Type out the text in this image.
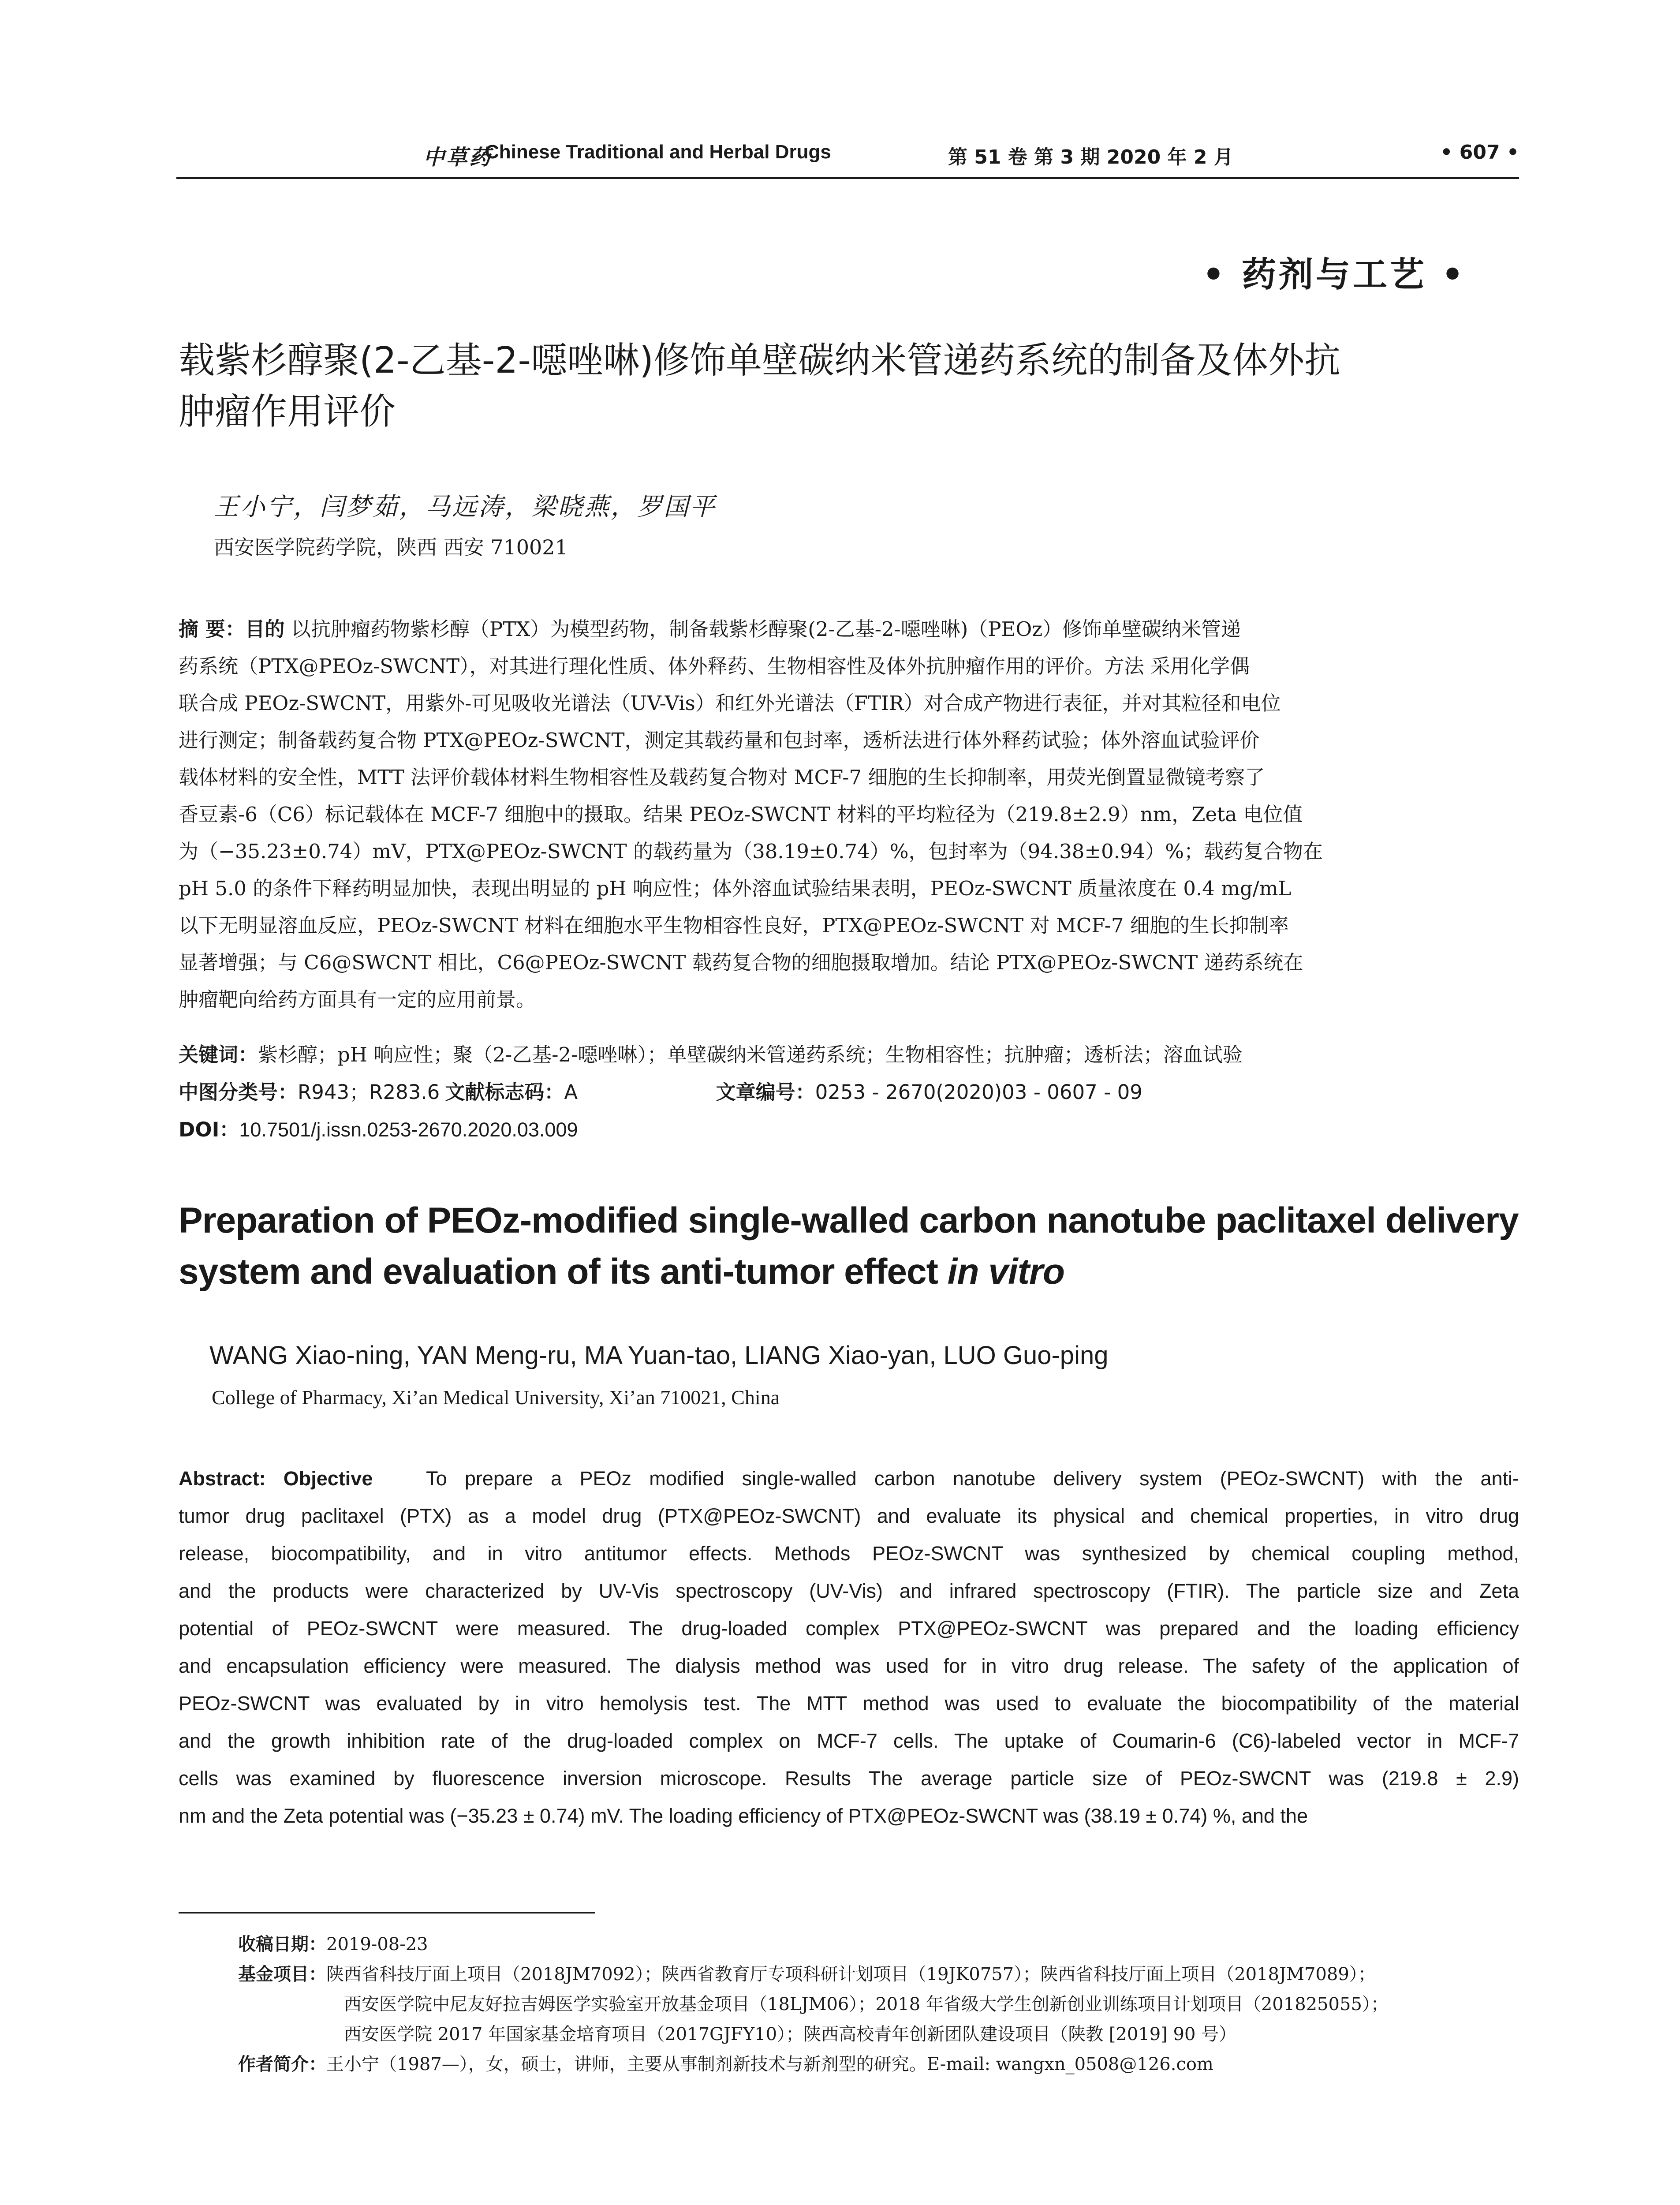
中草药
Chinese Traditional and Herbal Drugs	第 51 卷 第 3 期 2020 年 2 月	• 607 •
• 药剂与工艺 •
载紫杉醇聚(2-乙基-2-噁唑啉)修饰单壁碳纳米管递药系统的制备及体外抗
肿瘤作用评价
王小宁，闫梦茹，马远涛，梁晓燕，罗国平
西安医学院药学院，陕西 西安 710021
摘 要：目的 以抗肿瘤药物紫杉醇（PTX）为模型药物，制备载紫杉醇聚(2-乙基-2-噁唑啉)（PEOz）修饰单壁碳纳米管递
药系统（PTX@PEOz-SWCNT），对其进行理化性质、体外释药、生物相容性及体外抗肿瘤作用的评价。方法 采用化学偶
联合成 PEOz-SWCNT，用紫外-可见吸收光谱法（UV-Vis）和红外光谱法（FTIR）对合成产物进行表征，并对其粒径和电位
进行测定；制备载药复合物 PTX@PEOz-SWCNT，测定其载药量和包封率，透析法进行体外释药试验；体外溶血试验评价
载体材料的安全性，MTT 法评价载体材料生物相容性及载药复合物对 MCF-7 细胞的生长抑制率，用荧光倒置显微镜考察了
香豆素-6（C6）标记载体在 MCF-7 细胞中的摄取。结果 PEOz-SWCNT 材料的平均粒径为（219.8±2.9）nm，Zeta 电位值
为（−35.23±0.74）mV，PTX@PEOz-SWCNT 的载药量为（38.19±0.74）%，包封率为（94.38±0.94）%；载药复合物在
pH 5.0 的条件下释药明显加快，表现出明显的 pH 响应性；体外溶血试验结果表明，PEOz-SWCNT 质量浓度在 0.4 mg/mL
以下无明显溶血反应，PEOz-SWCNT 材料在细胞水平生物相容性良好，PTX@PEOz-SWCNT 对 MCF-7 细胞的生长抑制率
显著增强；与 C6@SWCNT 相比，C6@PEOz-SWCNT 载药复合物的细胞摄取增加。结论 PTX@PEOz-SWCNT 递药系统在
肿瘤靶向给药方面具有一定的应用前景。
关键词：紫杉醇；pH 响应性；聚（2-乙基-2-噁唑啉）；单壁碳纳米管递药系统；生物相容性；抗肿瘤；透析法；溶血试验
中图分类号：R943；R283.6 文献标志码：A	文章编号：0253 - 2670(2020)03 - 0607 - 09
DOI：10.7501/j.issn.0253-2670.2020.03.009
Preparation of PEOz-modified single-walled carbon nanotube paclitaxel delivery
system and evaluation of its anti-tumor effect in vitro
WANG Xiao-ning, YAN Meng-ru, MA Yuan-tao, LIANG Xiao-yan, LUO Guo-ping
College of Pharmacy, Xi’an Medical University, Xi’an 710021, China
Abstract: Objective	To prepare a PEOz modified single-walled carbon nanotube delivery system (PEOz-SWCNT) with the anti-
tumor drug paclitaxel (PTX) as a model drug (PTX@PEOz-SWCNT) and evaluate its physical and chemical properties, in vitro drug
release, biocompatibility, and in vitro antitumor effects. Methods PEOz-SWCNT was synthesized by chemical coupling method,
and the products were characterized by UV-Vis spectroscopy (UV-Vis) and infrared spectroscopy (FTIR). The particle size and Zeta
potential of PEOz-SWCNT were measured. The drug-loaded complex PTX@PEOz-SWCNT was prepared and the loading efficiency
and encapsulation efficiency were measured. The dialysis method was used for in vitro drug release. The safety of the application of
PEOz-SWCNT was evaluated by in vitro hemolysis test. The MTT method was used to evaluate the biocompatibility of the material
and the growth inhibition rate of the drug-loaded complex on MCF-7 cells. The uptake of Coumarin-6 (C6)-labeled vector in MCF-7
cells was examined by fluorescence inversion microscope. Results The average particle size of PEOz-SWCNT was (219.8 ± 2.9)
nm and the Zeta potential was (−35.23 ± 0.74) mV. The loading efficiency of PTX@PEOz-SWCNT was (38.19 ± 0.74) %, and the
收稿日期：2019-08-23
基金项目：陕西省科技厅面上项目（2018JM7092）；陕西省教育厅专项科研计划项目（19JK0757）；陕西省科技厅面上项目（2018JM7089）；
西安医学院中尼友好拉吉姆医学实验室开放基金项目（18LJM06）；2018 年省级大学生创新创业训练项目计划项目（201825055）；
西安医学院 2017 年国家基金培育项目（2017GJFY10）；陕西高校青年创新团队建设项目（陕教 [2019] 90 号）
作者简介：王小宁（1987—），女，硕士，讲师，主要从事制剂新技术与新剂型的研究。E-mail: wangxn_0508@126.com
